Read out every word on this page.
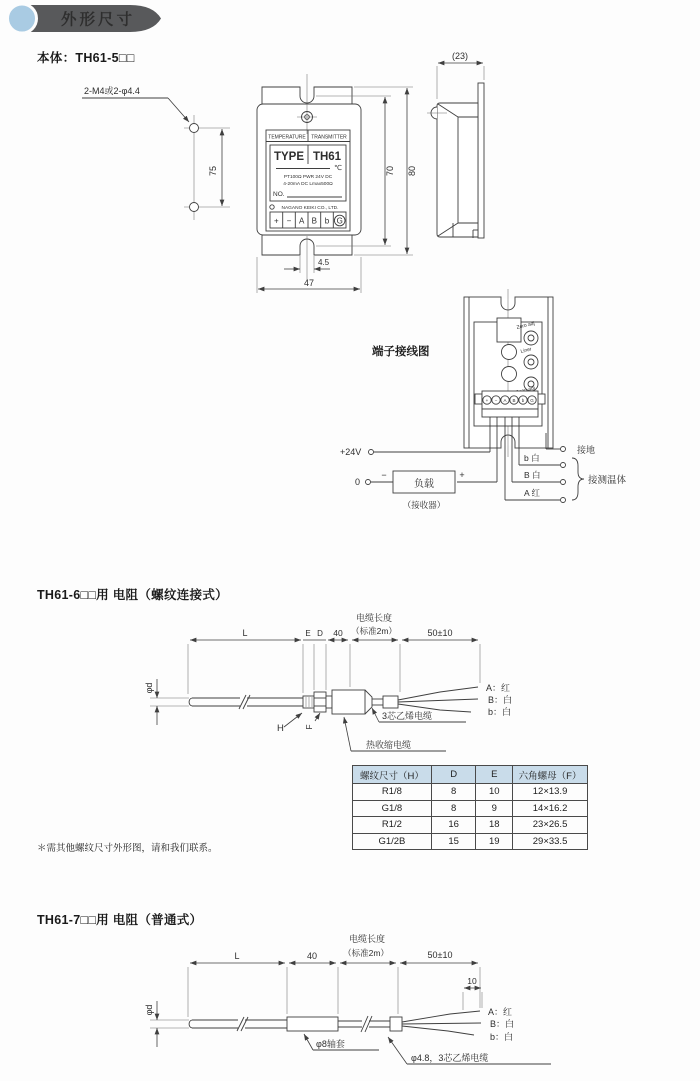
外形尺寸
2-M4或2-φ4.4
75
TEMPERATURE TRANSMITTER
TYPE TH61
℃
PT100Ω PWR 24V DC
4-20mA DC Lmax500Ω
NO.
NAGANO KEIKI CO., LTD.
+ − A B b G
70 80
4.5
47
(23)
Zero adj
Liner
+ − A B b G
+24V
0
−	+
负载
（接收器）
接地
b 白
B 白
A 红
接测温体
L	E D 40
电缆长度
（标准2m）	50±10
φd
H F
3芯乙烯电缆
热收缩电缆
A：红
B：白
b：白
L	40
电缆长度
（标准2m）	50±10
10
φd
φ8轴套
φ4.8，3芯乙烯电缆
A：红
B：白
b：白
本体：TH61-5□□
端子接线图
TH61-6□□用 电阻（螺纹连接式）
＊需其他螺纹尺寸外形图，请和我们联系。
TH61-7□□用 电阻（普通式）
螺纹尺寸（H）	D	E	六角螺母（F）
R1/8	8	10	12×13.9
G1/8	8	9	14×16.2
R1/2	16	18	23×26.5
G1/2B	15	19	29×33.5
